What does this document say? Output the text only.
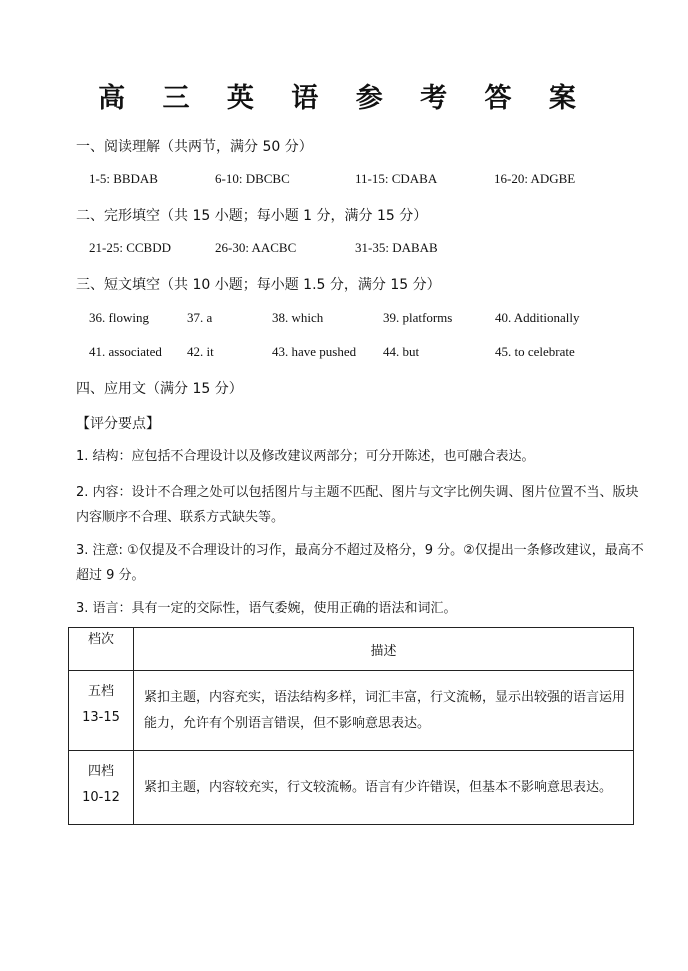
高 三 英 语 参 考 答 案
一、阅读理解（共两节，满分 50 分）
1-5: BBDAB	6-10: DBCBC	11-15: CDABA	16-20: ADGBE
二、完形填空（共 15 小题；每小题 1 分，满分 15 分）
21-25: CCBDD	26-30: AACBC	31-35: DABAB
三、短文填空（共 10 小题；每小题 1.5 分，满分 15 分）
36. flowing	37. a	38. which	39. platforms	40. Additionally
41. associated 42. it	43. have pushed 44. but	45. to celebrate
四、应用文（满分 15 分）
【评分要点】
1. 结构：应包括不合理设计以及修改建议两部分；可分开陈述，也可融合表达。
2. 内容：设计不合理之处可以包括图片与主题不匹配、图片与文字比例失调、图片位置不当、版块内容顺序不合理、联系方式缺失等。
3. 注意: ①仅提及不合理设计的习作，最高分不超过及格分，9 分。②仅提出一条修改建议，最高不超过 9 分。
3. 语言：具有一定的交际性，语气委婉，使用正确的语法和词汇。
档次	描述

五档
13-15	紧扣主题，内容充实，语法结构多样，词汇丰富，行文流畅，显示出较强的语言运用能力，允许有个别语言错误，但不影响意思表达。

四档
10-12	紧扣主题，内容较充实，行文较流畅。语言有少许错误，但基本不影响意思表达。
